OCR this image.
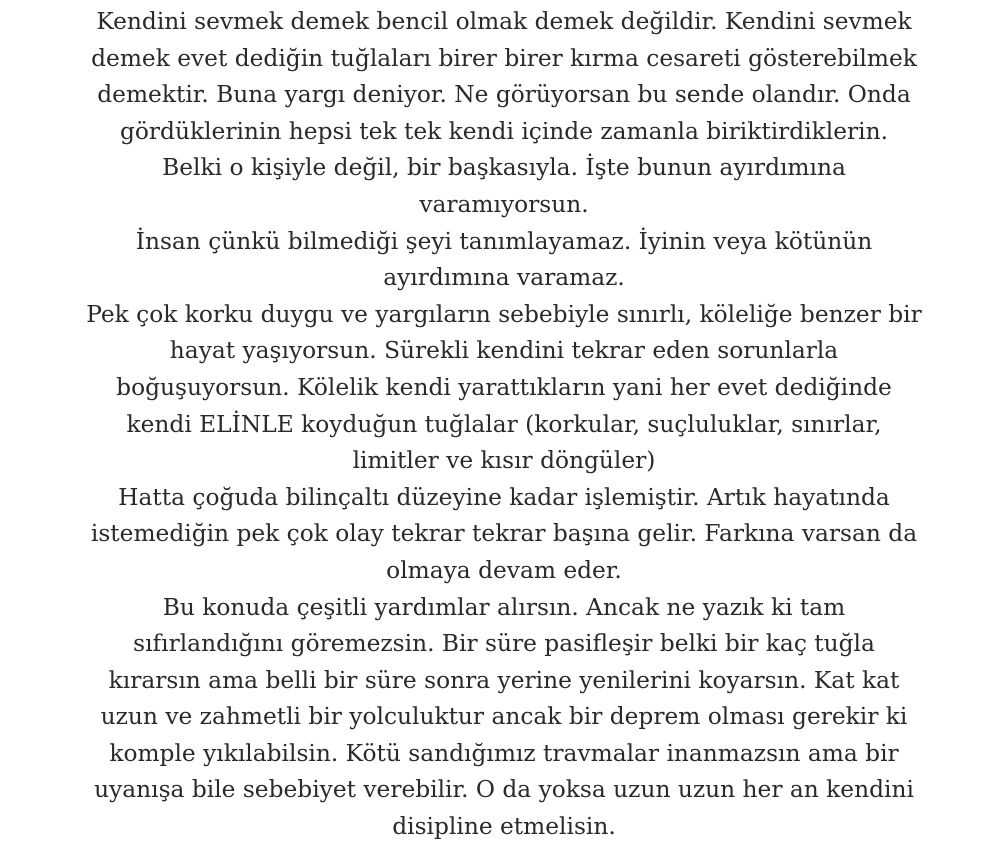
Kendini sevmek demek bencil olmak demek değildir. Kendini sevmek
demek evet dediğin tuğlaları birer birer kırma cesareti gösterebilmek
demektir. Buna yargı deniyor. Ne görüyorsan bu sende olandır. Onda
gördüklerinin hepsi tek tek kendi içinde zamanla biriktirdiklerin.
Belki o kişiyle değil, bir başkasıyla. İşte bunun ayırdımına
varamıyorsun.
İnsan çünkü bilmediği şeyi tanımlayamaz. İyinin veya kötünün
ayırdımına varamaz.
Pek çok korku duygu ve yargıların sebebiyle sınırlı, köleliğe benzer bir
hayat yaşıyorsun. Sürekli kendini tekrar eden sorunlarla
boğuşuyorsun. Kölelik kendi yarattıkların yani her evet dediğinde
kendi ELİNLE koyduğun tuğlalar (korkular, suçluluklar, sınırlar,
limitler ve kısır döngüler)
Hatta çoğuda bilinçaltı düzeyine kadar işlemiştir. Artık hayatında
istemediğin pek çok olay tekrar tekrar başına gelir. Farkına varsan da
olmaya devam eder.
Bu konuda çeşitli yardımlar alırsın. Ancak ne yazık ki tam
sıfırlandığını göremezsin. Bir süre pasifleşir belki bir kaç tuğla
kırarsın ama belli bir süre sonra yerine yenilerini koyarsın. Kat kat
uzun ve zahmetli bir yolculuktur ancak bir deprem olması gerekir ki
komple yıkılabilsin. Kötü sandığımız travmalar inanmazsın ama bir
uyanışa bile sebebiyet verebilir. O da yoksa uzun uzun her an kendini
disipline etmelisin.
